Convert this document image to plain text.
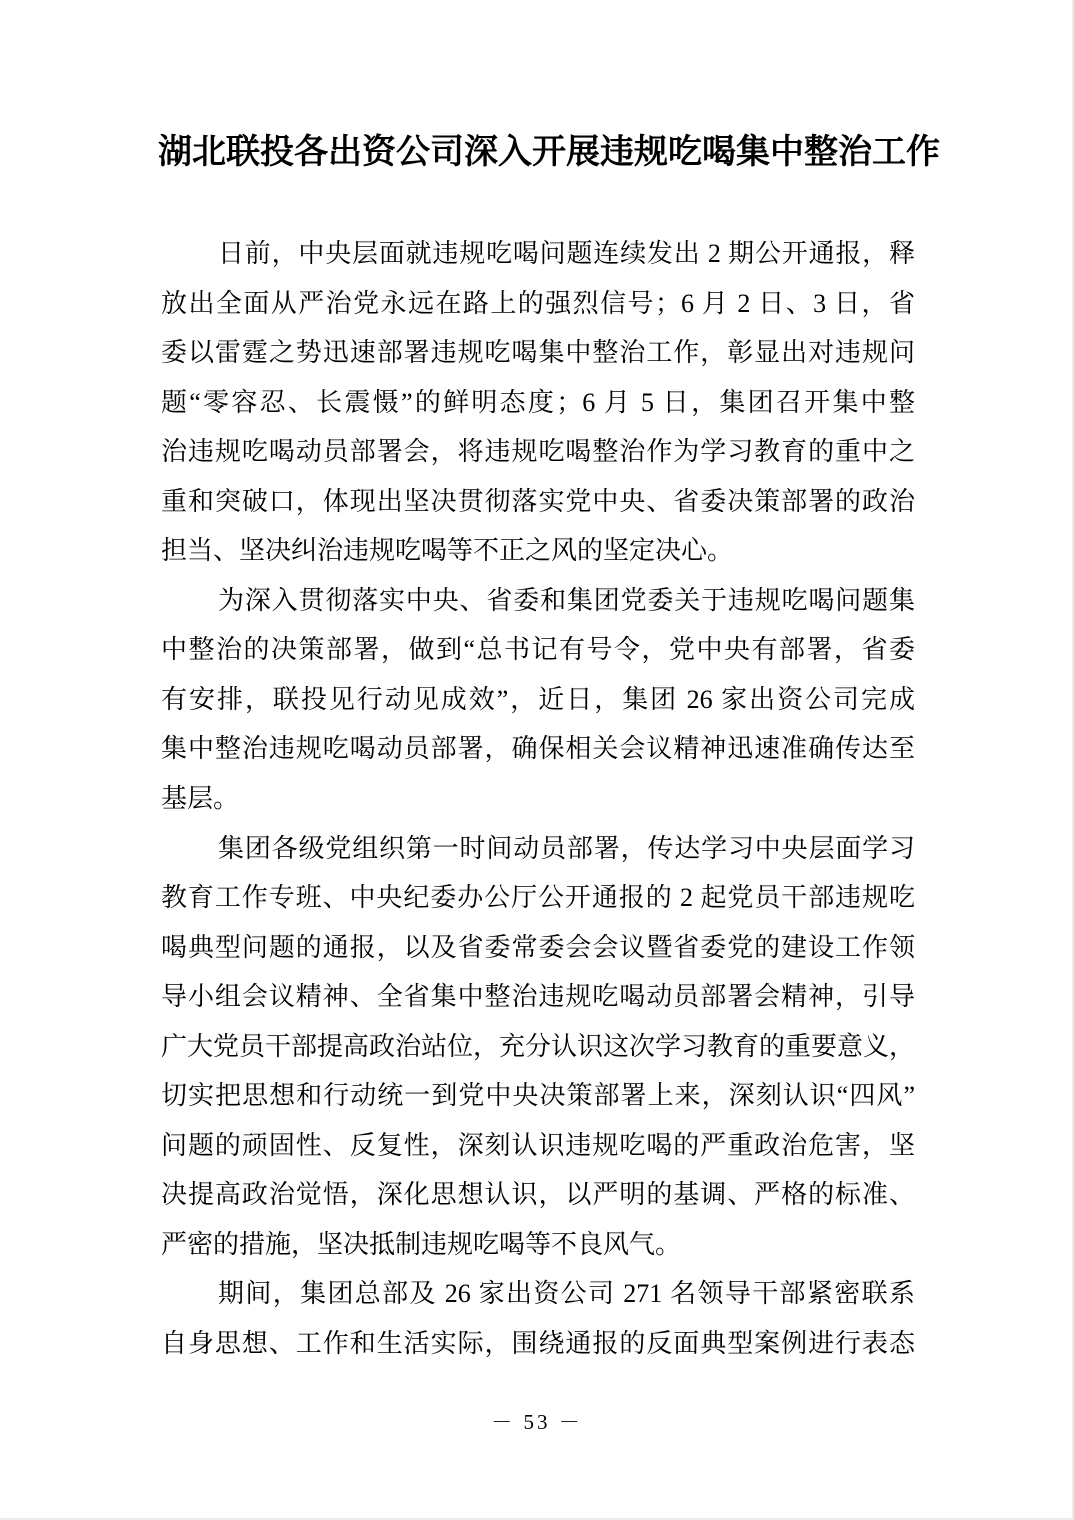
湖北联投各出资公司深入开展违规吃喝集中整治工作
日前，中央层面就违规吃喝问题连续发出 2 期公开通报，释
放出全面从严治党永远在路上的强烈信号；6 月 2 日、3 日，省
委以雷霆之势迅速部署违规吃喝集中整治工作，彰显出对违规问
题“零容忍、长震慑”的鲜明态度；6 月 5 日，集团召开集中整
治违规吃喝动员部署会，将违规吃喝整治作为学习教育的重中之
重和突破口，体现出坚决贯彻落实党中央、省委决策部署的政治
担当、坚决纠治违规吃喝等不正之风的坚定决心。
为深入贯彻落实中央、省委和集团党委关于违规吃喝问题集
中整治的决策部署，做到“总书记有号令，党中央有部署，省委
有安排，联投见行动见成效”，近日，集团 26 家出资公司完成
集中整治违规吃喝动员部署，确保相关会议精神迅速准确传达至
基层。
集团各级党组织第一时间动员部署，传达学习中央层面学习
教育工作专班、中央纪委办公厅公开通报的 2 起党员干部违规吃
喝典型问题的通报，以及省委常委会会议暨省委党的建设工作领
导小组会议精神、全省集中整治违规吃喝动员部署会精神，引导
广大党员干部提高政治站位，充分认识这次学习教育的重要意义，
切实把思想和行动统一到党中央决策部署上来，深刻认识“四风”
问题的顽固性、反复性，深刻认识违规吃喝的严重政治危害，坚
决提高政治觉悟，深化思想认识，以严明的基调、严格的标准、
严密的措施，坚决抵制违规吃喝等不良风气。
期间，集团总部及 26 家出资公司 271 名领导干部紧密联系
自身思想、工作和生活实际，围绕通报的反面典型案例进行表态
－ 53 －
